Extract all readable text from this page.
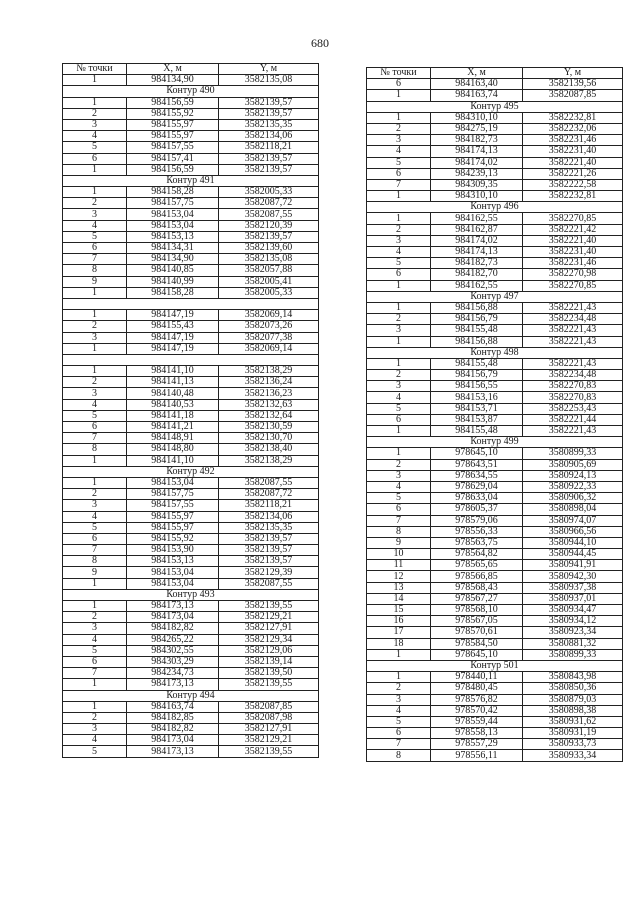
680
№ точки	X, м	Y, м
1	984134,90	3582135,08
Контур 490		
1	984156,59	3582139,57
2	984155,92	3582139,57
3	984155,97	3582135,35
4	984155,97	3582134,06
5	984157,55	3582118,21
6	984157,41	3582139,57
1	984156,59	3582139,57
Контур 491		
1	984158,28	3582005,33
2	984157,75	3582087,72
3	984153,04	3582087,55
4	984153,04	3582120,39
5	984153,13	3582139,57
6	984134,31	3582139,60
7	984134,90	3582135,08
8	984140,85	3582057,88
9	984140,99	3582005,41
1	984158,28	3582005,33

1	984147,19	3582069,14
2	984155,43	3582073,26
3	984147,19	3582077,38
1	984147,19	3582069,14

1	984141,10	3582138,29
2	984141,13	3582136,24
3	984140,48	3582136,23
4	984140,53	3582132,63
5	984141,18	3582132,64
6	984141,21	3582130,59
7	984148,91	3582130,70
8	984148,80	3582138,40
1	984141,10	3582138,29
Контур 492		
1	984153,04	3582087,55
2	984157,75	3582087,72
3	984157,55	3582118,21
4	984155,97	3582134,06
5	984155,97	3582135,35
6	984155,92	3582139,57
7	984153,90	3582139,57
8	984153,13	3582139,57
9	984153,04	3582129,39
1	984153,04	3582087,55
Контур 493		
1	984173,13	3582139,55
2	984173,04	3582129,21
3	984182,82	3582127,91
4	984265,22	3582129,34
5	984302,55	3582129,06
6	984303,29	3582139,14
7	984234,73	3582139,50
1	984173,13	3582139,55
Контур 494		
1	984163,74	3582087,85
2	984182,85	3582087,98
3	984182,82	3582127,91
4	984173,04	3582129,21
5	984173,13	3582139,55
№ точки	X, м	Y, м
6	984163,40	3582139,56
1	984163,74	3582087,85
Контур 495		
1	984310,10	3582232,81
2	984275,19	3582232,06
3	984182,73	3582231,46
4	984174,13	3582231,40
5	984174,02	3582221,40
6	984239,13	3582221,26
7	984309,35	3582222,58
1	984310,10	3582232,81
Контур 496		
1	984162,55	3582270,85
2	984162,87	3582221,42
3	984174,02	3582221,40
4	984174,13	3582231,40
5	984182,73	3582231,46
6	984182,70	3582270,98
1	984162,55	3582270,85
Контур 497		
1	984156,88	3582221,43
2	984156,79	3582234,48
3	984155,48	3582221,43
1	984156,88	3582221,43
Контур 498		
1	984155,48	3582221,43
2	984156,79	3582234,48
3	984156,55	3582270,83
4	984153,16	3582270,83
5	984153,71	3582253,43
6	984153,87	3582221,44
1	984155,48	3582221,43
Контур 499		
1	978645,10	3580899,33
2	978643,51	3580905,69
3	978634,55	3580924,13
4	978629,04	3580922,33
5	978633,04	3580906,32
6	978605,37	3580898,04
7	978579,06	3580974,07
8	978556,33	3580966,56
9	978563,75	3580944,10
10	978564,82	3580944,45
11	978565,65	3580941,91
12	978566,85	3580942,30
13	978568,43	3580937,38
14	978567,27	3580937,01
15	978568,10	3580934,47
16	978567,05	3580934,12
17	978570,61	3580923,34
18	978584,50	3580881,32
1	978645,10	3580899,33
Контур 501		
1	978440,11	3580843,98
2	978480,45	3580850,36
3	978576,82	3580879,03
4	978570,42	3580898,38
5	978559,44	3580931,62
6	978558,13	3580931,19
7	978557,29	3580933,73
8	978556,11	3580933,34
